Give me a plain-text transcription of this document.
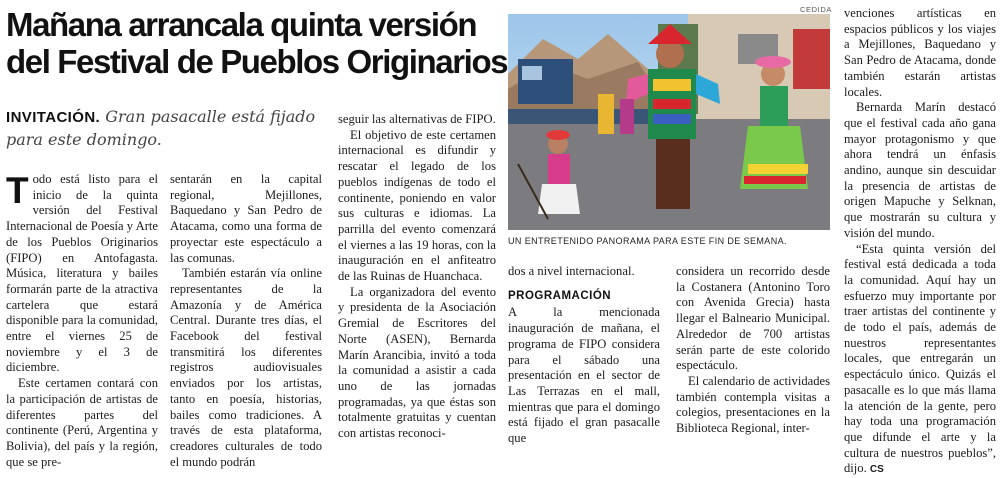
Mañana arrancala quinta versión
del Festival de Pueblos Originarios
INVITACIÓN. Gran pasacalle está fijado para este domingo.

Todo está listo para el inicio de la quinta versión del Festival Internacional de Poesía y Arte de los Pueblos Originarios (FIPO) en Antofagasta. Música, literatura y bailes formarán parte de la atractiva cartelera que estará disponible para la comunidad, entre el viernes 25 de noviembre y el 3 de diciembre.

Este certamen contará con la participación de artistas de diferentes partes del continente (Perú, Argentina y Bolivia), del país y la región, que se pre-

sentarán en la capital regional, Mejillones, Baquedano y San Pedro de Atacama, como una forma de proyectar este espectáculo a las comunas.

También estarán vía online representantes de la Amazonía y de América Central. Durante tres días, el Facebook del festival transmitirá los diferentes registros audiovisuales enviados por los artistas, tanto en poesía, historias, bailes como tradiciones. A través de esta plataforma, creadores culturales de todo el mundo podrán

seguir las alternativas de FIPO.

El objetivo de este certamen internacional es difundir y rescatar el legado de los pueblos indígenas de todo el continente, poniendo en valor sus culturas e idiomas. La parrilla del evento comenzará el viernes a las 19 horas, con la inauguración en el anfiteatro de las Ruinas de Huanchaca.

La organizadora del evento y presidenta de la Asociación Gremial de Escritores del Norte (ASEN), Bernarda Marín Arancibia, invitó a toda la comunidad a asistir a cada uno de las jornadas programadas, ya que éstas son totalmente gratuitas y cuentan con artistas reconoci-

CEDIDA
UN ENTRETENIDO PANORAMA PARA ESTE FIN DE SEMANA.

dos a nivel internacional.

PROGRAMACIÓN

A la mencionada inauguración de mañana, el programa de FIPO considera para el sábado una presentación en el sector de Las Terrazas en el mall, mientras que para el domingo está fijado el gran pasacalle que

considera un recorrido desde la Costanera (Antonino Toro con Avenida Grecia) hasta llegar el Balneario Municipal. Alrededor de 700 artistas serán parte de este colorido espectáculo.

El calendario de actividades también contempla visitas a colegios, presentaciones en la Biblioteca Regional, inter-

venciones artísticas en espacios públicos y los viajes a Mejillones, Baquedano y San Pedro de Atacama, donde también estarán artistas locales.

Bernarda Marín destacó que el festival cada año gana mayor protagonismo y que ahora tendrá un énfasis andino, aunque sin descuidar la presencia de artistas de origen Mapuche y Selknan, que mostrarán su cultura y visión del mundo.

“Esta quinta versión del festival está dedicada a toda la comunidad. Aquí hay un esfuerzo muy importante por traer artistas del continente y de todo el país, además de nuestros representantes locales, que entregarán un espectáculo único. Quizás el pasacalle es lo que más llama la atención de la gente, pero hay toda una programación que difunde el arte y la cultura de nuestros pueblos”, dijo. CS
